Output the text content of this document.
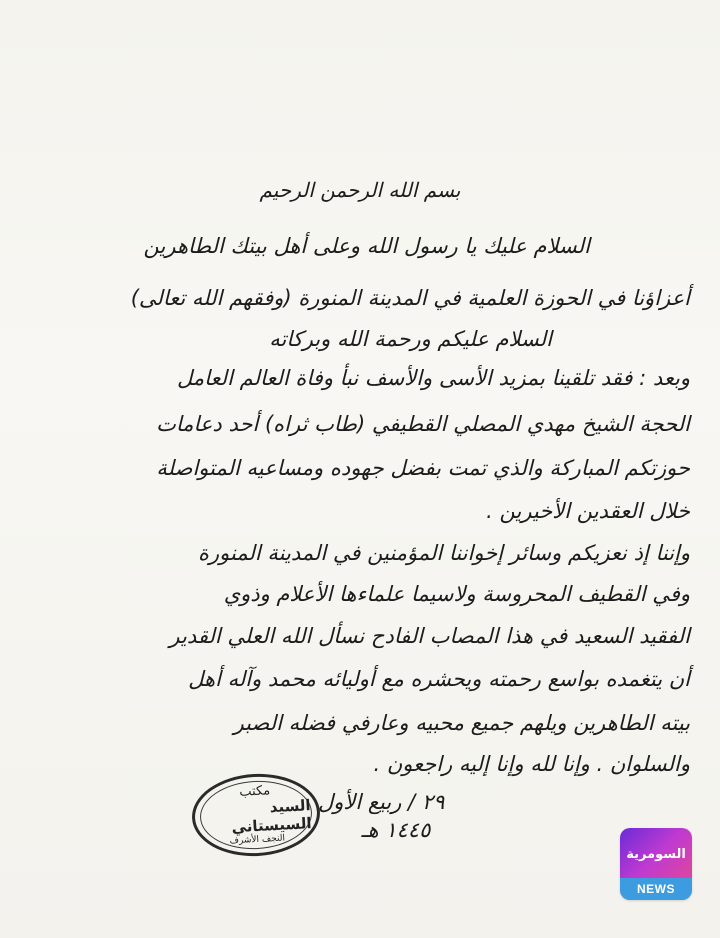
بسم الله الرحمن الرحيم
السلام عليك يا رسول الله وعلى أهل بيتك الطاهرين
أعزاؤنا في الحوزة العلمية في المدينة المنورة (وفقهم الله تعالى)
السلام عليكم ورحمة الله وبركاته
وبعد : فقد تلقينا بمزيد الأسى والأسف نبأ وفاة العالم العامل
الحجة الشيخ مهدي المصلي القطيفي (طاب ثراه) أحد دعامات
حوزتكم المباركة والذي تمت بفضل جهوده ومساعيه المتواصلة
خلال العقدين الأخيرين .
وإننا إذ نعزيكم وسائر إخواننا المؤمنين في المدينة المنورة
وفي القطيف المحروسة ولاسيما علماءها الأعلام وذوي
الفقيد السعيد في هذا المصاب الفادح نسأل الله العلي القدير
أن يتغمده بواسع رحمته ويحشره مع أوليائه محمد وآله أهل
بيته الطاهرين ويلهم جميع محبيه وعارفي فضله الصبر
والسلوان . وإنا لله وإنا إليه راجعون .
٢٩ / ربيع الأول
١٤٤٥ هـ
مكتب
السيد السيستاني
النجف الأشرف
السومرية
NEWS
